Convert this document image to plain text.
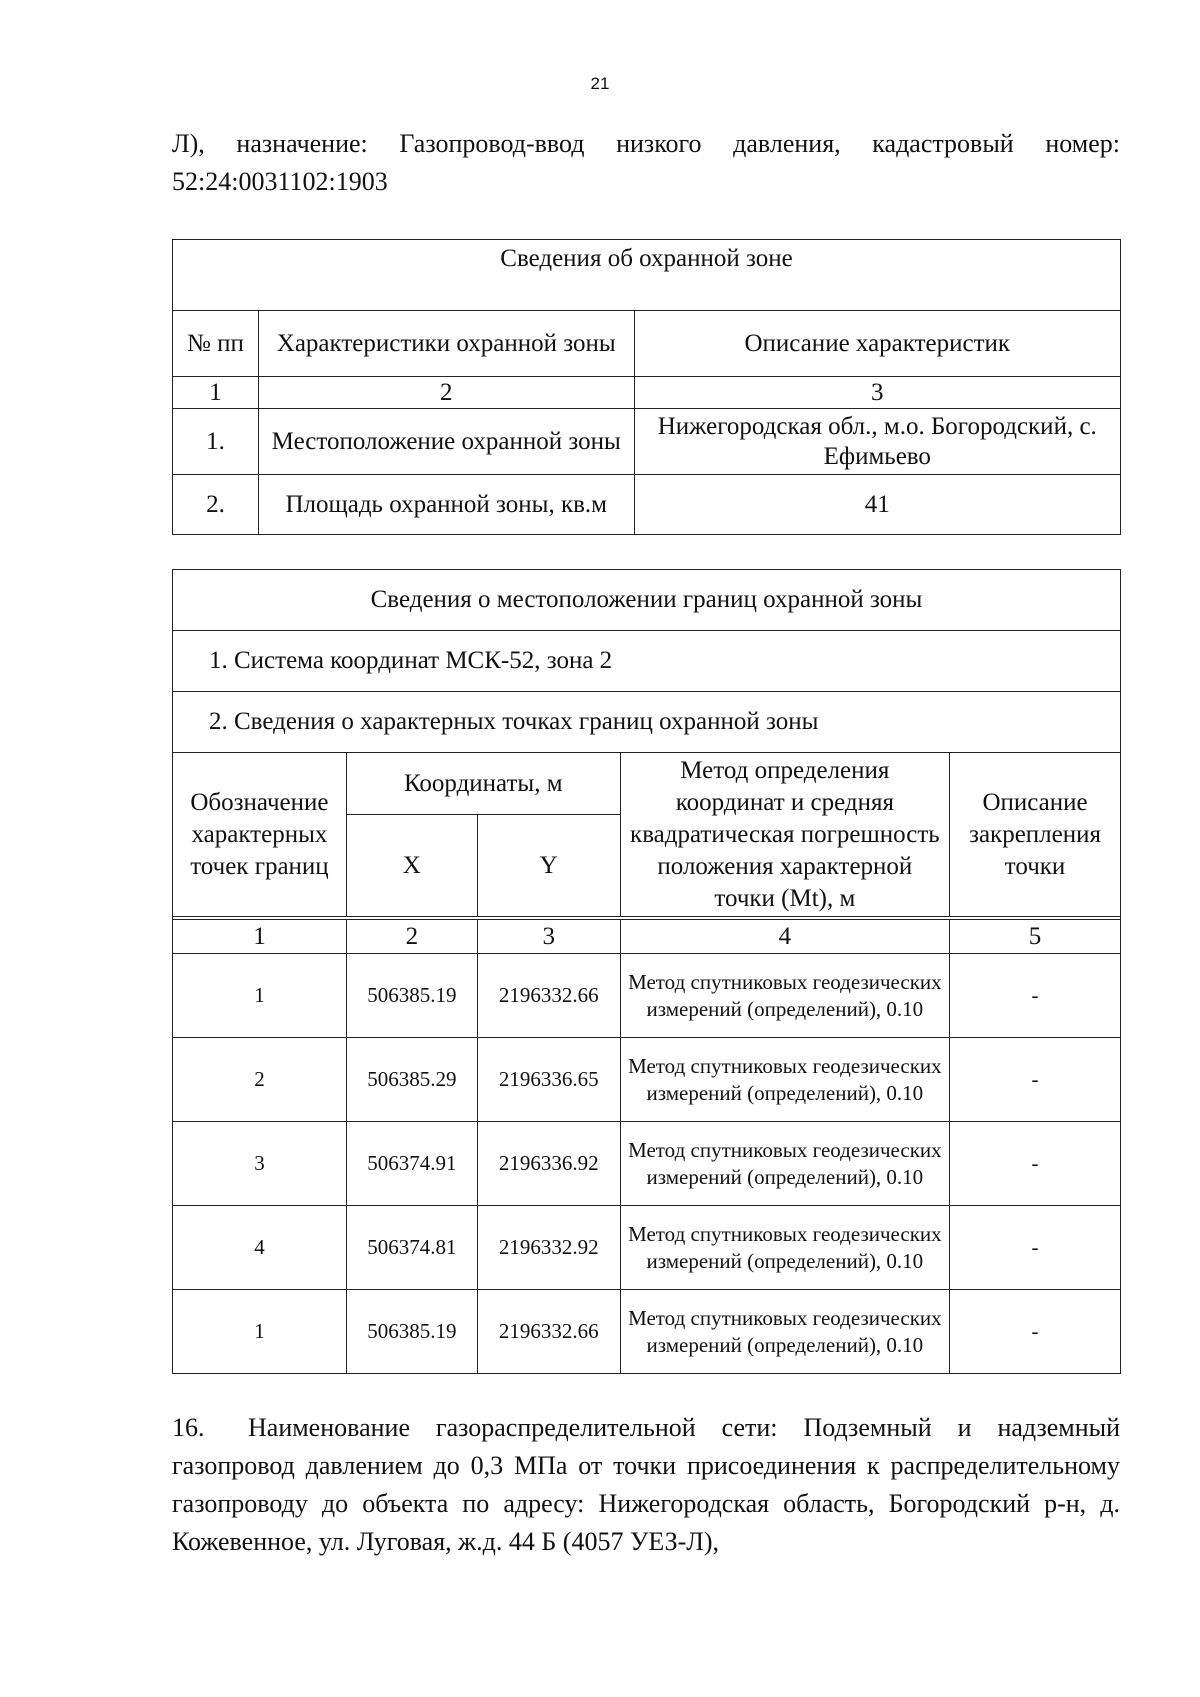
21
Л), назначение: Газопровод-ввод низкого давления, кадастровый номер: 52:24:0031102:1903
Сведения об охранной зоне		
№ пп	Характеристики охранной зоны	Описание характеристик
1	2	3
1.	Местоположение охранной зоны	Нижегородская обл., м.о. Богородский, с. Ефимьево
2.	Площадь охранной зоны, кв.м	41
Сведения о местоположении границ охранной зоны				
1. Система координат МСК-52, зона 2				
2. Сведения о характерных точках границ охранной зоны				
Обозначение характерных точек границ	Координаты, м		Метод определения координат и средняя квадратическая погрешность положения характерной точки (Mt), м	Описание закрепления точки
	X	Y		

1	2	3	4	5
1	506385.19	2196332.66	Метод спутниковых геодезических измерений (определений), 0.10	-
2	506385.29	2196336.65	Метод спутниковых геодезических измерений (определений), 0.10	-
3	506374.91	2196336.92	Метод спутниковых геодезических измерений (определений), 0.10	-
4	506374.81	2196332.92	Метод спутниковых геодезических измерений (определений), 0.10	-
1	506385.19	2196332.66	Метод спутниковых геодезических измерений (определений), 0.10	-
16. Наименование газораспределительной сети: Подземный и надземный газопровод давлением до 0,3 МПа от точки присоединения к распределительному газопроводу до объекта по адресу: Нижегородская область, Богородский р-н, д. Кожевенное, ул. Луговая, ж.д. 44 Б (4057 УЕЗ-Л),
